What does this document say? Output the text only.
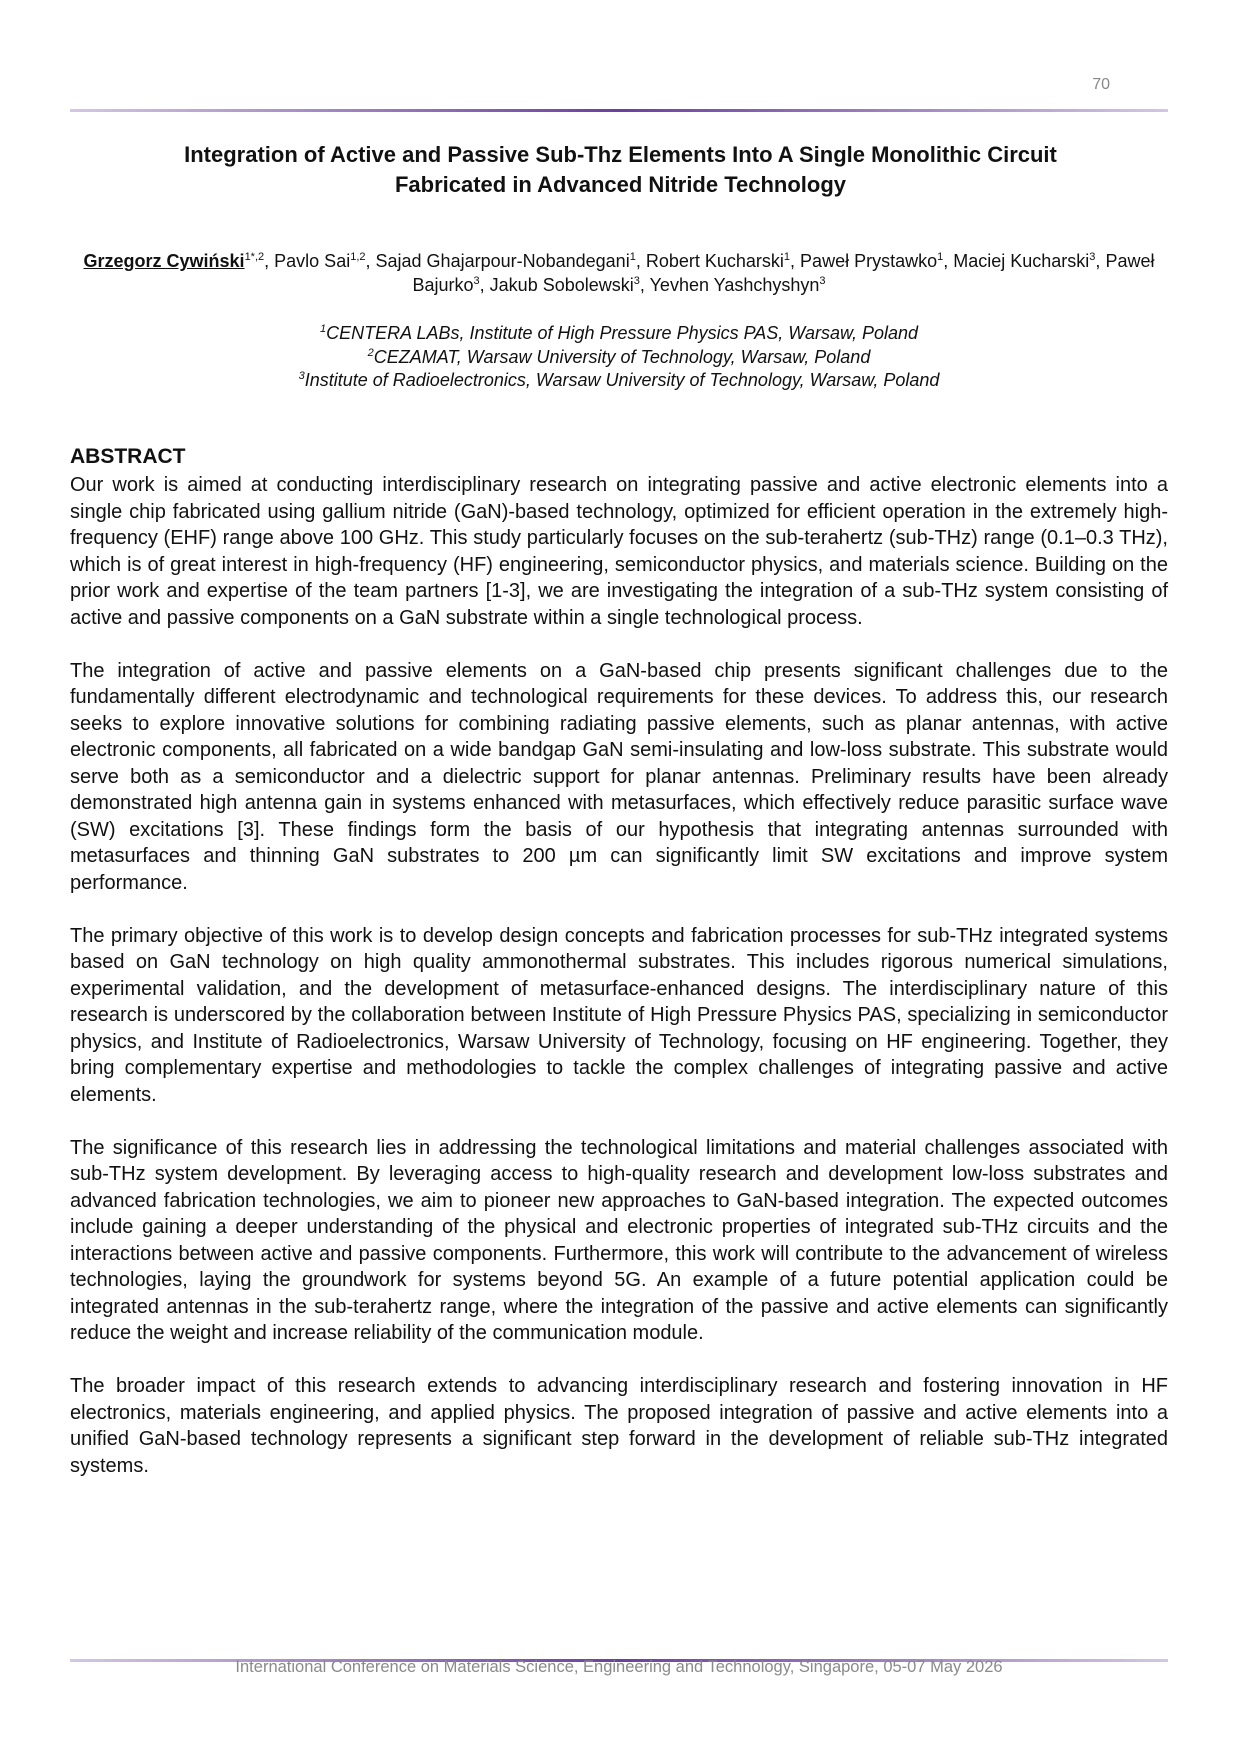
70
Integration of Active and Passive Sub-Thz Elements Into A Single Monolithic Circuit
Fabricated in Advanced Nitride Technology
Grzegorz Cywiński$^{1*,2}$, Pavlo Sai$^{1,2}$, Sajad Ghajarpour-Nobandegani$^1$, Robert Kucharski$^1$, Paweł Prystawko$^1$, Maciej Kucharski$^3$, Paweł Bajurko$^3$, Jakub Sobolewski$^3$, Yevhen Yashchyshyn$^3$
$^1$CENTERA LABs, Institute of High Pressure Physics PAS, Warsaw, Poland
$^2$CEZAMAT, Warsaw University of Technology, Warsaw, Poland
$^3$Institute of Radioelectronics, Warsaw University of Technology, Warsaw, Poland
ABSTRACT

Our work is aimed at conducting interdisciplinary research on integrating passive and active electronic elements into a single chip fabricated using gallium nitride (GaN)-based technology, optimized for efficient operation in the extremely high-frequency (EHF) range above 100 GHz. This study particularly focuses on the sub-terahertz (sub-THz) range (0.1–0.3 THz), which is of great interest in high-frequency (HF) engineering, semiconductor physics, and materials science. Building on the prior work and expertise of the team partners [1-3], we are investigating the integration of a sub-THz system consisting of active and passive components on a GaN substrate within a single technological process.

The integration of active and passive elements on a GaN-based chip presents significant challenges due to the fundamentally different electrodynamic and technological requirements for these devices. To address this, our research seeks to explore innovative solutions for combining radiating passive elements, such as planar antennas, with active electronic components, all fabricated on a wide bandgap GaN semi-insulating and low-loss substrate. This substrate would serve both as a semiconductor and a dielectric support for planar antennas. Preliminary results have been already demonstrated high antenna gain in systems enhanced with metasurfaces, which effectively reduce parasitic surface wave (SW) excitations [3]. These findings form the basis of our hypothesis that integrating antennas surrounded with metasurfaces and thinning GaN substrates to 200 µm can significantly limit SW excitations and improve system performance.

The primary objective of this work is to develop design concepts and fabrication processes for sub-THz integrated systems based on GaN technology on high quality ammonothermal substrates. This includes rigorous numerical simulations, experimental validation, and the development of metasurface-enhanced designs. The interdisciplinary nature of this research is underscored by the collaboration between Institute of High Pressure Physics PAS, specializing in semiconductor physics, and Institute of Radioelectronics, Warsaw University of Technology, focusing on HF engineering. Together, they bring complementary expertise and methodologies to tackle the complex challenges of integrating passive and active elements.

The significance of this research lies in addressing the technological limitations and material challenges associated with sub-THz system development. By leveraging access to high-quality research and development low-loss substrates and advanced fabrication technologies, we aim to pioneer new approaches to GaN-based integration. The expected outcomes include gaining a deeper understanding of the physical and electronic properties of integrated sub-THz circuits and the interactions between active and passive components. Furthermore, this work will contribute to the advancement of wireless technologies, laying the groundwork for systems beyond 5G. An example of a future potential application could be integrated antennas in the sub-terahertz range, where the integration of the passive and active elements can significantly reduce the weight and increase reliability of the communication module.

The broader impact of this research extends to advancing interdisciplinary research and fostering innovation in HF electronics, materials engineering, and applied physics. The proposed integration of passive and active elements into a unified GaN-based technology represents a significant step forward in the development of reliable sub-THz integrated systems.

International Conference on Materials Science, Engineering and Technology, Singapore, 05-07 May 2026
